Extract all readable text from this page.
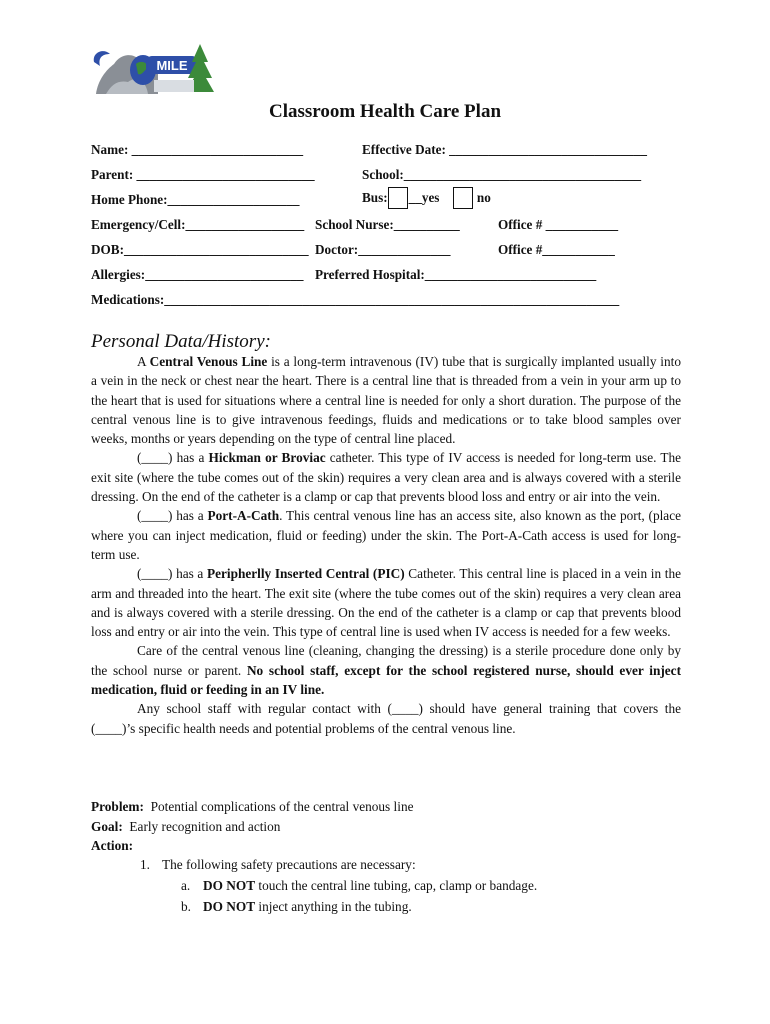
MILE
Classroom Health Care Plan
Name: __________________________	Effective Date: ______________________________
Parent: ___________________________	School:____________________________________
Home Phone:____________________	Bus: __yes	no
Emergency/Cell:__________________ School Nurse:__________	Office # ___________
DOB:____________________________ Doctor:______________	Office #___________
Allergies:________________________ Preferred Hospital:__________________________
Medications:_____________________________________________________________________
Personal Data/History:

A Central Venous Line is a long-term intravenous (IV) tube that is surgically implanted usually into a vein in the neck or chest near the heart. There is a central line that is threaded from a vein in your arm up to the heart that is used for situations where a central line is needed for only a short duration. The purpose of the central venous line is to give intravenous feedings, fluids and medications or to take blood samples over weeks, months or years depending on the type of central line placed.

(____) has a Hickman or Broviac catheter. This type of IV access is needed for long-term use. The exit site (where the tube comes out of the skin) requires a very clean area and is always covered with a sterile dressing. On the end of the catheter is a clamp or cap that prevents blood loss and entry or air into the vein.

(____) has a Port-A-Cath. This central venous line has an access site, also known as the port, (place where you can inject medication, fluid or feeding) under the skin. The Port-A-Cath access is used for long-term use.

(____) has a Peripherlly Inserted Central (PIC) Catheter. This central line is placed in a vein in the arm and threaded into the heart. The exit site (where the tube comes out of the skin) requires a very clean area and is always covered with a sterile dressing. On the end of the catheter is a clamp or cap that prevents blood loss and entry or air into the vein. This type of central line is used when IV access is needed for a few weeks.

Care of the central venous line (cleaning, changing the dressing) is a sterile procedure done only by the school nurse or parent. No school staff, except for the school registered nurse, should ever inject medication, fluid or feeding in an IV line.

Any school staff with regular contact with (____) should have general training that covers the (____)’s specific health needs and potential problems of the central venous line.

Problem:  Potential complications of the central venous line
Goal:  Early recognition and action
Action:
1. The following safety precautions are necessary:
a. DO NOT touch the central line tubing, cap, clamp or bandage.
b. DO NOT inject anything in the tubing.
